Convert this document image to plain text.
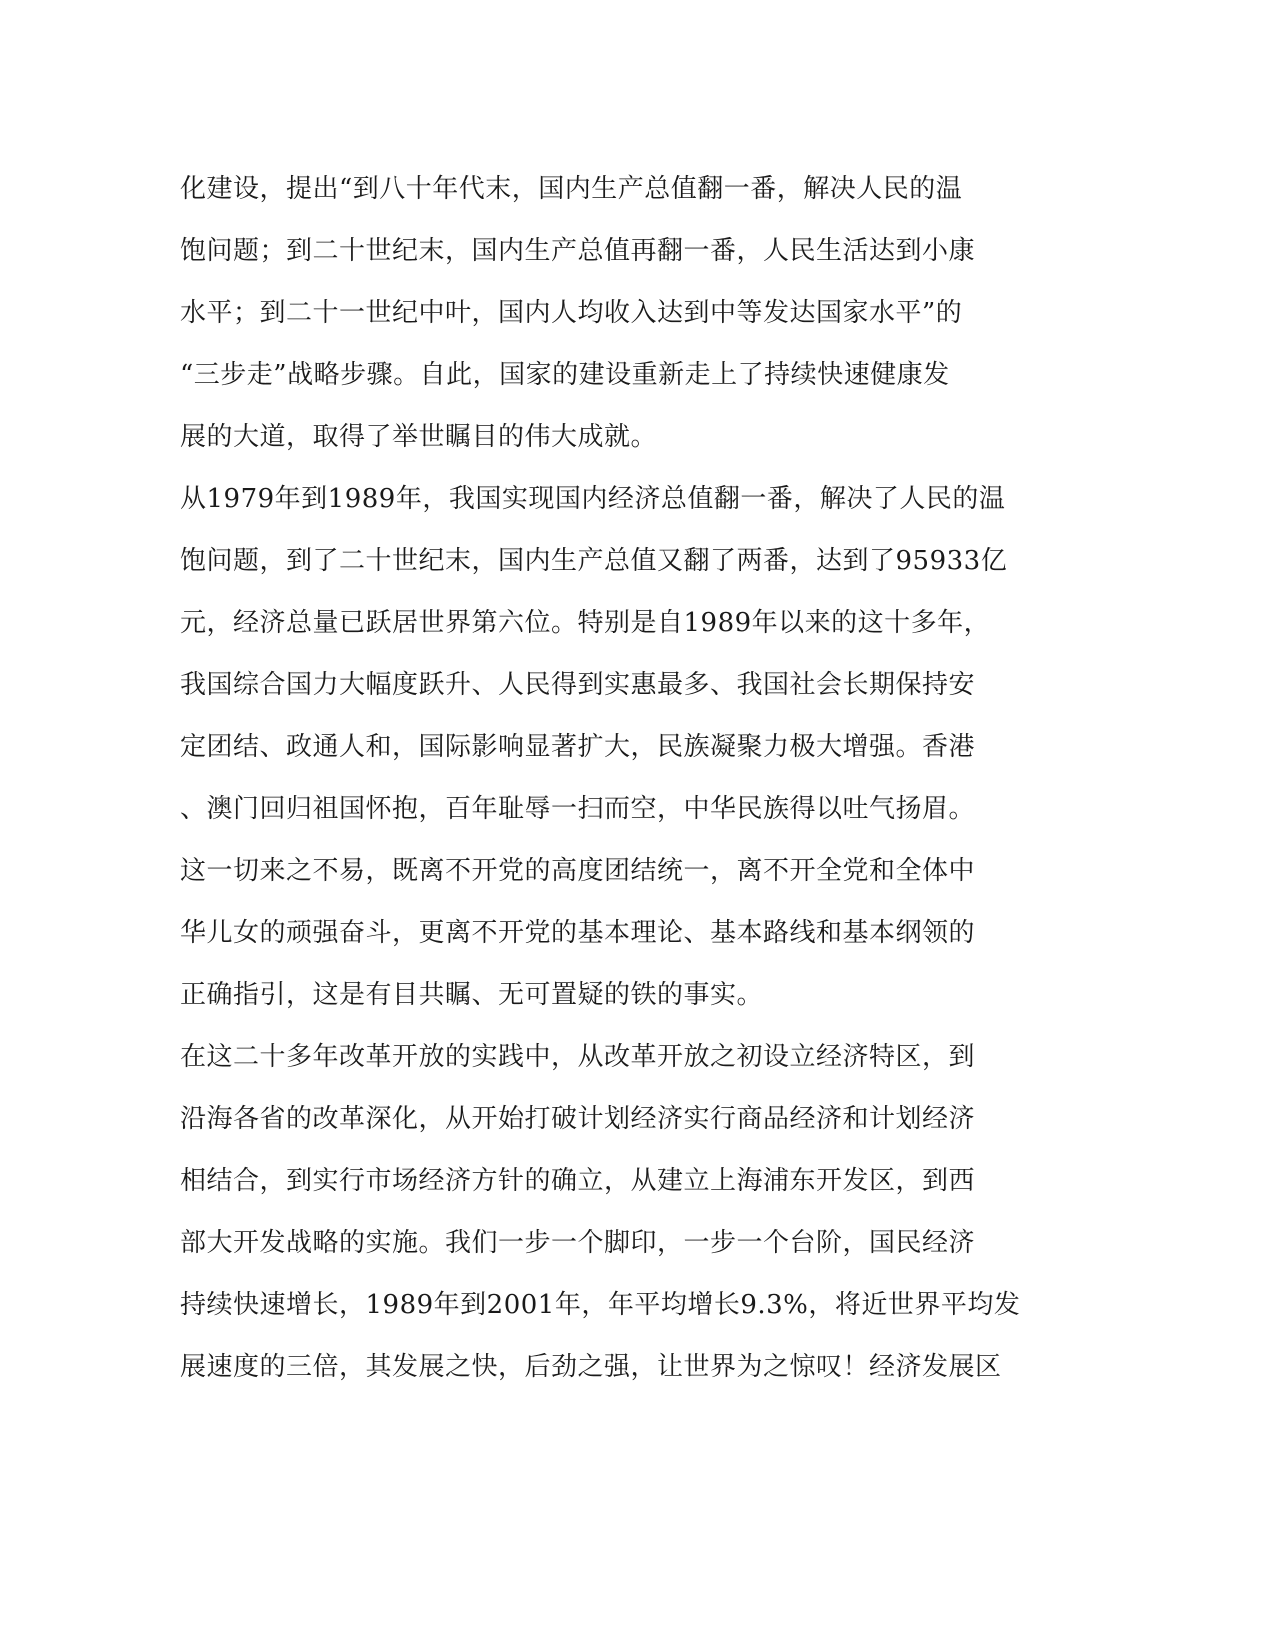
化建设，提出“到八十年代末，国内生产总值翻一番，解决人民的温
饱问题；到二十世纪末，国内生产总值再翻一番，人民生活达到小康
水平；到二十一世纪中叶，国内人均收入达到中等发达国家水平”的
“三步走”战略步骤。自此，国家的建设重新走上了持续快速健康发
展的大道，取得了举世瞩目的伟大成就。
从1979年到1989年，我国实现国内经济总值翻一番，解决了人民的温
饱问题，到了二十世纪末，国内生产总值又翻了两番，达到了95933亿
元，经济总量已跃居世界第六位。特别是自1989年以来的这十多年，
我国综合国力大幅度跃升、人民得到实惠最多、我国社会长期保持安
定团结、政通人和，国际影响显著扩大，民族凝聚力极大增强。香港
、澳门回归祖国怀抱，百年耻辱一扫而空，中华民族得以吐气扬眉。
这一切来之不易，既离不开党的高度团结统一，离不开全党和全体中
华儿女的顽强奋斗，更离不开党的基本理论、基本路线和基本纲领的
正确指引，这是有目共瞩、无可置疑的铁的事实。
在这二十多年改革开放的实践中，从改革开放之初设立经济特区，到
沿海各省的改革深化，从开始打破计划经济实行商品经济和计划经济
相结合，到实行市场经济方针的确立，从建立上海浦东开发区，到西
部大开发战略的实施。我们一步一个脚印，一步一个台阶，国民经济
持续快速增长，1989年到2001年，年平均增长9.3%，将近世界平均发
展速度的三倍，其发展之快，后劲之强，让世界为之惊叹！经济发展区
